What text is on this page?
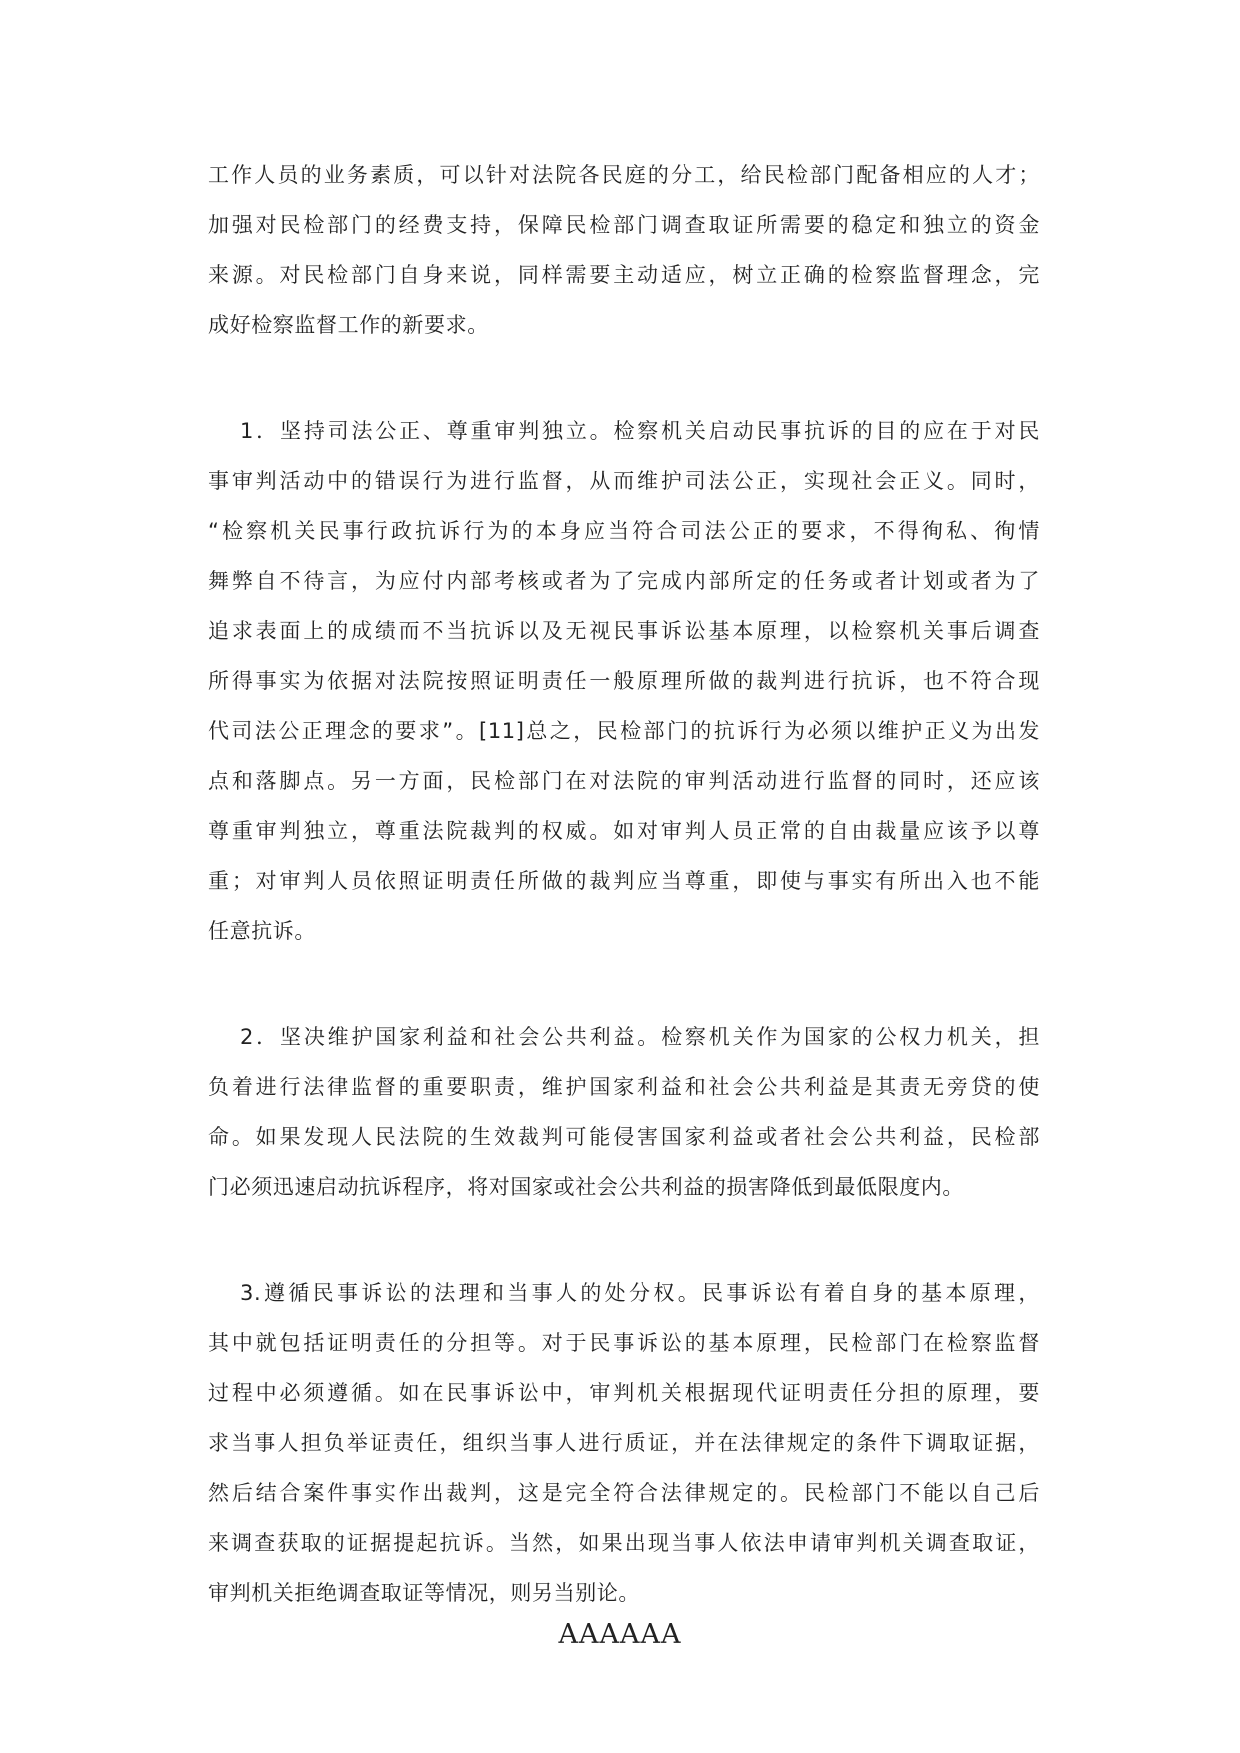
工作人员的业务素质，可以针对法院各民庭的分工，给民检部门配备相应的人才；
加强对民检部门的经费支持，保障民检部门调查取证所需要的稳定和独立的资金
来源。对民检部门自身来说，同样需要主动适应，树立正确的检察监督理念，完
成好检察监督工作的新要求。
1．坚持司法公正、尊重审判独立。检察机关启动民事抗诉的目的应在于对民
事审判活动中的错误行为进行监督，从而维护司法公正，实现社会正义。同时，
“检察机关民事行政抗诉行为的本身应当符合司法公正的要求，不得徇私、徇情
舞弊自不待言，为应付内部考核或者为了完成内部所定的任务或者计划或者为了
追求表面上的成绩而不当抗诉以及无视民事诉讼基本原理，以检察机关事后调查
所得事实为依据对法院按照证明责任一般原理所做的裁判进行抗诉，也不符合现
代司法公正理念的要求”。[11]总之，民检部门的抗诉行为必须以维护正义为出发
点和落脚点。另一方面，民检部门在对法院的审判活动进行监督的同时，还应该
尊重审判独立，尊重法院裁判的权威。如对审判人员正常的自由裁量应该予以尊
重；对审判人员依照证明责任所做的裁判应当尊重，即使与事实有所出入也不能
任意抗诉。
2．坚决维护国家利益和社会公共利益。检察机关作为国家的公权力机关，担
负着进行法律监督的重要职责，维护国家利益和社会公共利益是其责无旁贷的使
命。如果发现人民法院的生效裁判可能侵害国家利益或者社会公共利益，民检部
门必须迅速启动抗诉程序，将对国家或社会公共利益的损害降低到最低限度内。
3.遵循民事诉讼的法理和当事人的处分权。民事诉讼有着自身的基本原理，
其中就包括证明责任的分担等。对于民事诉讼的基本原理，民检部门在检察监督
过程中必须遵循。如在民事诉讼中，审判机关根据现代证明责任分担的原理，要
求当事人担负举证责任，组织当事人进行质证，并在法律规定的条件下调取证据，
然后结合案件事实作出裁判，这是完全符合法律规定的。民检部门不能以自己后
来调查获取的证据提起抗诉。当然，如果出现当事人依法申请审判机关调查取证，
审判机关拒绝调查取证等情况，则另当别论。
AAAAAA
